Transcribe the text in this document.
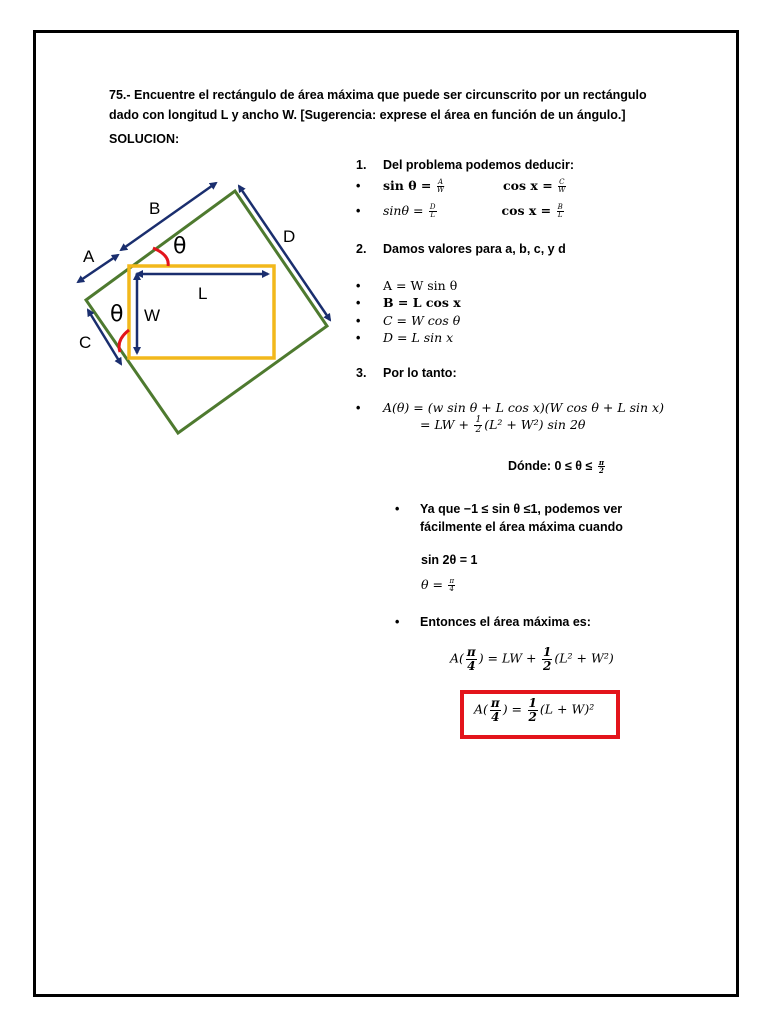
75.- Encuentre el rectángulo de área máxima que puede ser circunscrito por un rectángulo dado con longitud L y ancho W. [Sugerencia: exprese el área en función de un ángulo.]
SOLUCION:
B
A
D
C
L
W
θ
θ
1. Del problema podemos deducir:
• $\sin \theta = \frac{A}{W}$	$\cos x = \frac{C}{W}$
• $\sin\theta = \frac{D}{L}$	$\cos x = \frac{B}{L}$
2. Damos valores para a, b, c, y d
• A = W sin θ
• B = L cos x
• C = W cos θ
• D = L sin x
3. Por lo tanto:
• A(θ) = (w sin θ + L cos x)(W cos θ + L sin x)
= LW + $\frac{1}{2} (L^2 + W^2)$ sin 2θ
Dónde: $0 \le \theta \le \frac{\pi}{2}$
• Ya que −1 ≤ sin θ ≤1, podemos ver
fácilmente el área máxima cuando
sin 2θ = 1
$\theta = \frac{\pi}{4}$
• Entonces el área máxima es:
$A( \frac{\pi}{4}$ ) = LW + $\frac{1}{2} (L^2 + W^2)$
$A( \frac{\pi}{4}$ ) = $\frac{1}{2} (L + W)^2$
